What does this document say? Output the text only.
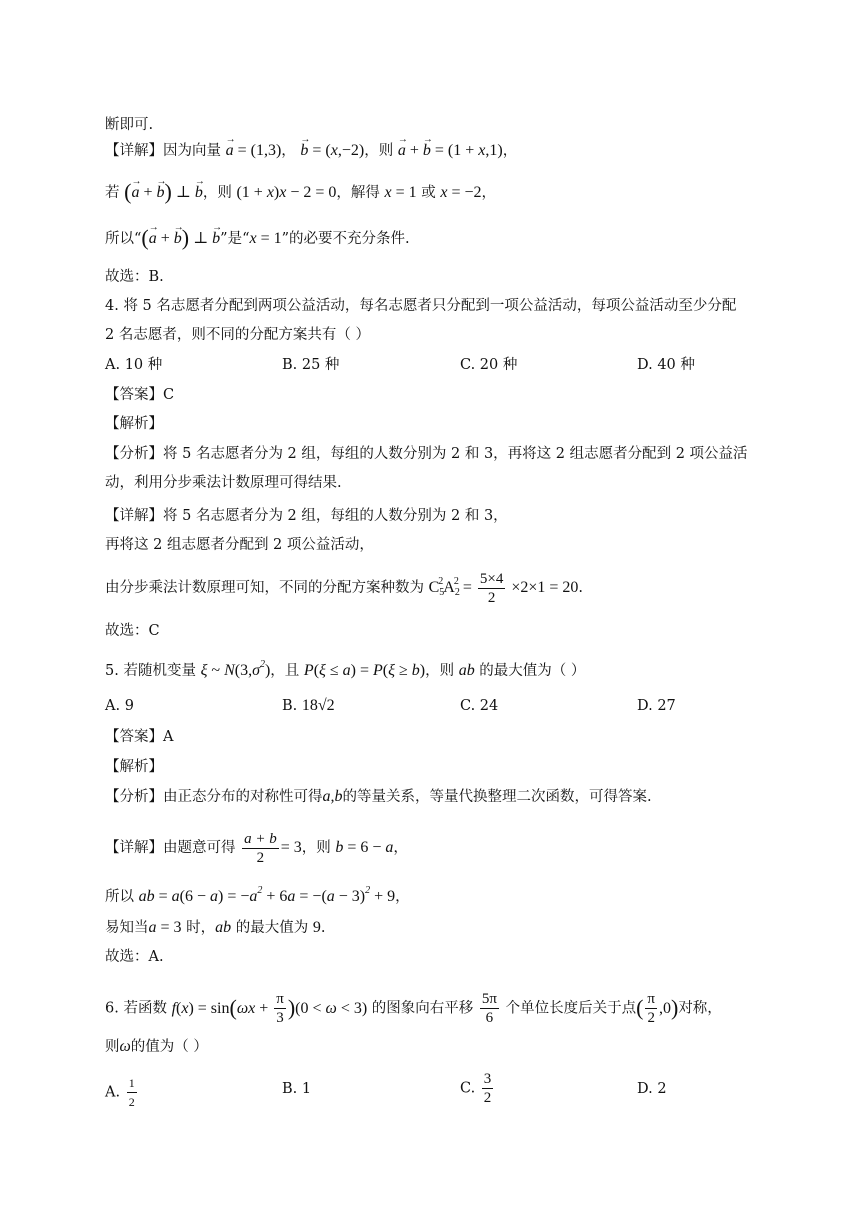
断即可.
【详解】因为向量 → a = (1,3)， → b = (x,−2)，则 → a + → b = (1 + x,1)，
若 (→ a + → b) ⊥ → b，则 (1 + x)x − 2 = 0，解得 x = 1 或 x = −2，
所以“(→ a + → b) ⊥ → b”是“x = 1”的必要不充分条件.
故选：B.
4. 将 5 名志愿者分配到两项公益活动，每名志愿者只分配到一项公益活动，每项公益活动至少分配
2 名志愿者，则不同的分配方案共有（ ）
A. 10 种	B. 25 种	C. 20 种	D. 40 种
【答案】C
【解析】
【分析】将 5 名志愿者分为 2 组，每组的人数分别为 2 和 3，再将这 2 组志愿者分配到 2 项公益活
动，利用分步乘法计数原理可得结果.
【详解】将 5 名志愿者分为 2 组，每组的人数分别为 2 和 3，
再将这 2 组志愿者分配到 2 项公益活动，
由分步乘法计数原理可知，不同的分配方案种数为 $C_5^2A_2^2 = \frac{5\times 4}{2} \times 2\times 1 = 20$.
故选：C
5. 若随机变量 ξ ~ $N(3,\sigma^2)$，且 P(ξ ≤ a) = P(ξ ≥ b)，则 ab 的最大值为（ ）
A. 9	B. 18√2	C. 24	D. 27
【答案】A
【解析】
【分析】由正态分布的对称性可得a,b的等量关系，等量代换整理二次函数，可得答案.
【详解】由题意可得 $\frac{a + b}{2} = 3$，则 b = 6 − a，
所以 ab = $a(6 - a) = -a^2 + 6a = -(a - 3)^2 + 9$，
易知当a = 3 时，ab 的最大值为 9.
故选：A.
6. 若函数 $f(x) = \sin(\omega x + \frac{\pi}{3} )(0 < \omega < 3)$ 的图象向右平移 $\frac{5\pi}{6}$ 个单位长度后关于点( $\frac{\pi}{2} ,0$)对称，
则ω的值为（ ）
A. $\frac{1}{2}$	B. 1	C. $\frac{3}{2}$	D. 2
